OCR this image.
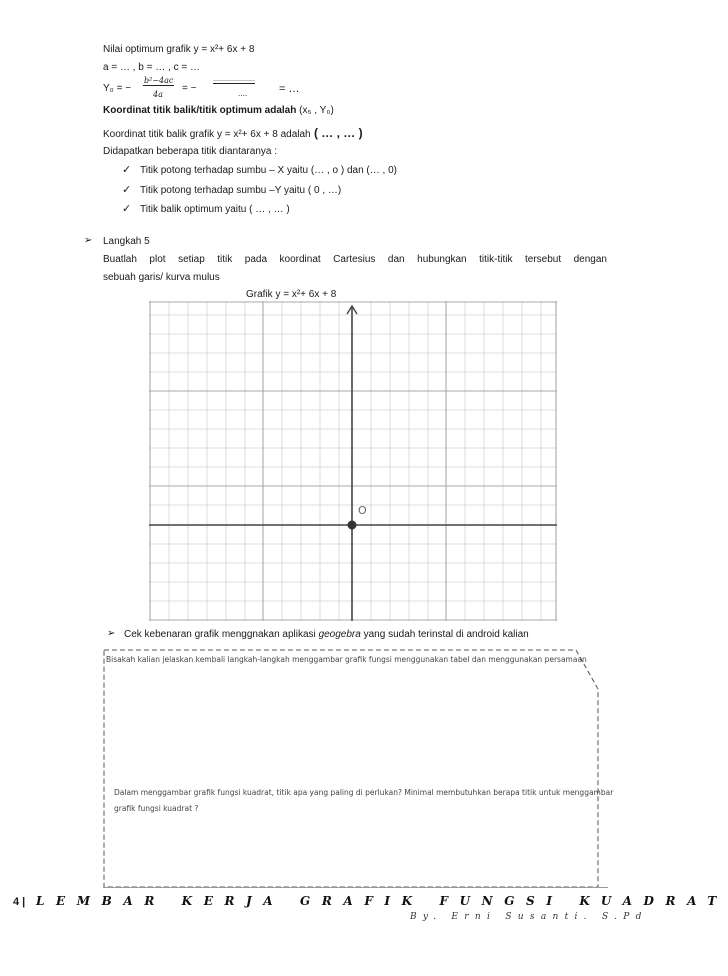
Nilai optimum grafik y = x²+ 6x + 8
a = … , b = … , c = …
Y₀ = −
b²−4ac
4a
= −
…………………
….	= …
Koordinat titik balik/titik optimum adalah (x₅ , Y₀)
Koordinat titik balik grafik y = x²+ 6x + 8 adalah ( … , … )
Didapatkan beberapa titik diantaranya :
✓ Titik potong terhadap sumbu – X yaitu (… , o ) dan (… , 0)
✓ Titik potong terhadap sumbu –Y yaitu ( 0 , …)
✓ Titik balik optimum yaitu ( … , … )
➢ Langkah 5
Buatlah plot setiap titik pada koordinat Cartesius dan hubungkan titik-titik tersebut dengan
sebuah garis/ kurva mulus
Grafik y = x²+ 6x + 8
O
➢ Cek kebenaran grafik menggnakan aplikasi geogebra yang sudah terinstal di android kalian
Bisakah kalian jelaskan kembali langkah-langkah menggambar grafik fungsi menggunakan tabel dan menggunakan persamaan
Dalam menggambar grafik fungsi kuadrat, titik apa yang paling di perlukan? Minimal membutuhkan berapa titik untuk menggambar
grafik fungsi kuadrat ?
4 | LEMBAR KERJA GRAFIK FUNGSI KUADRAT
By. Erni Susanti. S.Pd
